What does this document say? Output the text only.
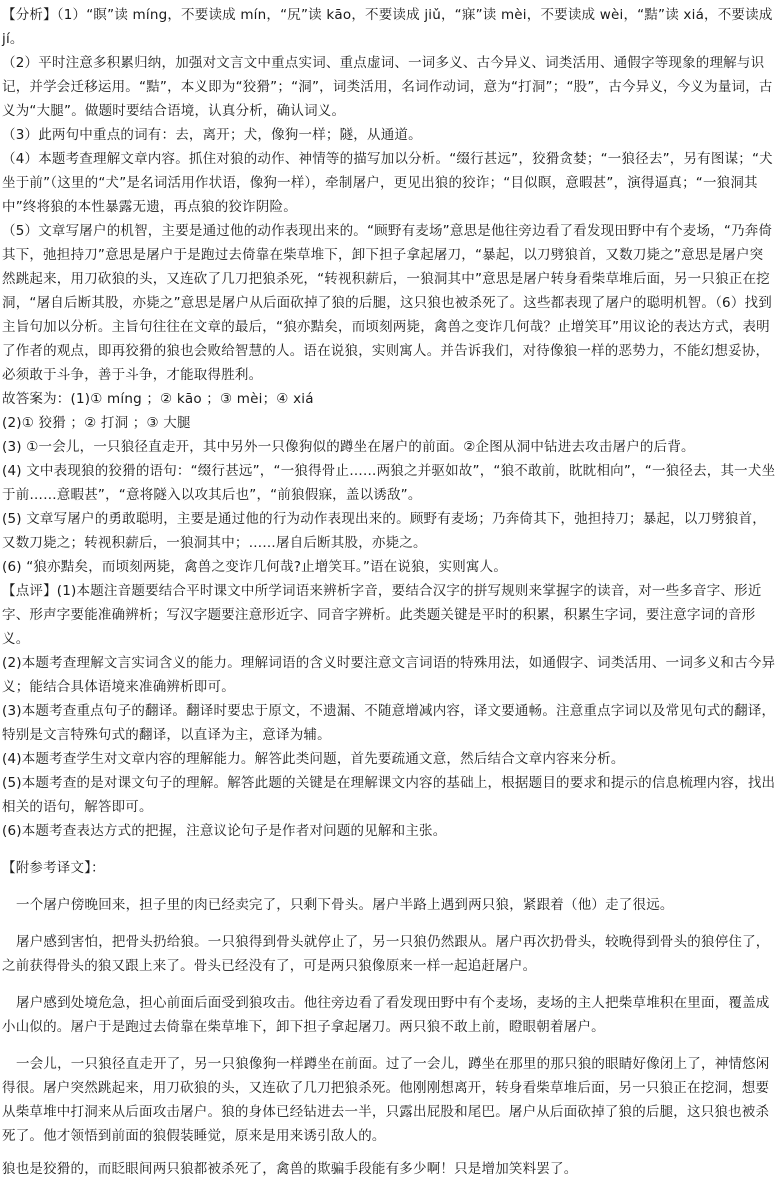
【分析】（1）“瞑”读 míng，不要读成 mín，“尻”读 kāo，不要读成 jiǔ，“寐”读 mèi，不要读成 wèi，“黠”读 xiá，不要读成 jí。

（2）平时注意多积累归纳，加强对文言文中重点实词、重点虚词、一词多义、古今异义、词类活用、通假字等现象的理解与识记，并学会迁移运用。“黠”，本义即为“狡猾”；“洞”，词类活用，名词作动词，意为“打洞”；“股”，古今异义，今义为量词，古义为“大腿”。做题时要结合语境，认真分析，确认词义。

（3）此两句中重点的词有：去，离开；犬，像狗一样；隧，从通道。

（4）本题考查理解文章内容。抓住对狼的动作、神情等的描写加以分析。“缀行甚远”，狡猾贪婪；“一狼径去”，另有图谋；“犬坐于前”（这里的“犬”是名词活用作状语，像狗一样），牵制屠户，更见出狼的狡诈；“目似瞑，意暇甚”，演得逼真；“一狼洞其中”终将狼的本性暴露无遗，再点狼的狡诈阴险。

（5）文章写屠户的机智，主要是通过他的动作表现出来的。“顾野有麦场”意思是他往旁边看了看发现田野中有个麦场，“乃奔倚其下，弛担持刀”意思是屠户于是跑过去倚靠在柴草堆下，卸下担子拿起屠刀，“暴起，以刀劈狼首，又数刀毙之”意思是屠户突然跳起来，用刀砍狼的头，又连砍了几刀把狼杀死，“转视积薪后，一狼洞其中”意思是屠户转身看柴草堆后面，另一只狼正在挖洞，“屠自后断其股，亦毙之”意思是屠户从后面砍掉了狼的后腿，这只狼也被杀死了。这些都表现了屠户的聪明机智。（6）找到主旨句加以分析。主旨句往往在文章的最后，“狼亦黠矣，而顷刻两毙，禽兽之变诈几何哉？止增笑耳”用议论的表达方式，表明了作者的观点，即再狡猾的狼也会败给智慧的人。语在说狼，实则寓人。并告诉我们，对待像狼一样的恶势力，不能幻想妥协，必须敢于斗争，善于斗争，才能取得胜利。

故答案为：(1)① míng ；② kāo ；③ mèi；④ xiá

(2)① 狡猾 ；② 打洞 ；③ 大腿

(3) ①一会儿，一只狼径直走开，其中另外一只像狗似的蹲坐在屠户的前面。②企图从洞中钻进去攻击屠户的后背。

(4) 文中表现狼的狡猾的语句：“缀行甚远”，“一狼得骨止……两狼之并驱如故”，“狼不敢前，眈眈相向”，“一狼径去，其一犬坐于前……意暇甚”，“意将隧入以攻其后也”，“前狼假寐，盖以诱敌”。

(5) 文章写屠户的勇敢聪明，主要是通过他的行为动作表现出来的。顾野有麦场；乃奔倚其下，弛担持刀；暴起，以刀劈狼首，又数刀毙之；转视积薪后，一狼洞其中；……屠自后断其股，亦毙之。

(6) “狼亦黠矣，而顷刻两毙，禽兽之变诈几何哉?止增笑耳。”语在说狼，实则寓人。

【点评】(1)本题注音题要结合平时课文中所学词语来辨析字音，要结合汉字的拼写规则来掌握字的读音，对一些多音字、形近字、形声字要能准确辨析；写汉字题要注意形近字、同音字辨析。此类题关键是平时的积累，积累生字词，要注意字词的音形义。

(2)本题考查理解文言实词含义的能力。理解词语的含义时要注意文言词语的特殊用法，如通假字、词类活用、一词多义和古今异义；能结合具体语境来准确辨析即可。

(3)本题考查重点句子的翻译。翻译时要忠于原文，不遗漏、不随意增减内容，译文要通畅。注意重点字词以及常见句式的翻译，特别是文言特殊句式的翻译，以直译为主，意译为辅。

(4)本题考查学生对文章内容的理解能力。解答此类问题，首先要疏通文意，然后结合文章内容来分析。

(5)本题考查的是对课文句子的理解。解答此题的关键是在理解课文内容的基础上，根据题目的要求和提示的信息梳理内容，找出相关的语句，解答即可。

(6)本题考查表达方式的把握，注意议论句子是作者对问题的见解和主张。

【附参考译文】：

一个屠户傍晚回来，担子里的肉已经卖完了，只剩下骨头。屠户半路上遇到两只狼，紧跟着（他）走了很远。

屠户感到害怕，把骨头扔给狼。一只狼得到骨头就停止了，另一只狼仍然跟从。屠户再次扔骨头，较晚得到骨头的狼停住了，之前获得骨头的狼又跟上来了。骨头已经没有了，可是两只狼像原来一样一起追赶屠户。

屠户感到处境危急，担心前面后面受到狼攻击。他往旁边看了看发现田野中有个麦场，麦场的主人把柴草堆积在里面，覆盖成小山似的。屠户于是跑过去倚靠在柴草堆下，卸下担子拿起屠刀。两只狼不敢上前，瞪眼朝着屠户。

一会儿，一只狼径直走开了，另一只狼像狗一样蹲坐在前面。过了一会儿，蹲坐在那里的那只狼的眼睛好像闭上了，神情悠闲得很。屠户突然跳起来，用刀砍狼的头，又连砍了几刀把狼杀死。他刚刚想离开，转身看柴草堆后面，另一只狼正在挖洞，想要从柴草堆中打洞来从后面攻击屠户。狼的身体已经钻进去一半，只露出屁股和尾巴。屠户从后面砍掉了狼的后腿，这只狼也被杀死了。他才领悟到前面的狼假装睡觉，原来是用来诱引敌人的。

狼也是狡猾的，而眨眼间两只狼都被杀死了，禽兽的欺骗手段能有多少啊！只是增加笑料罢了。
